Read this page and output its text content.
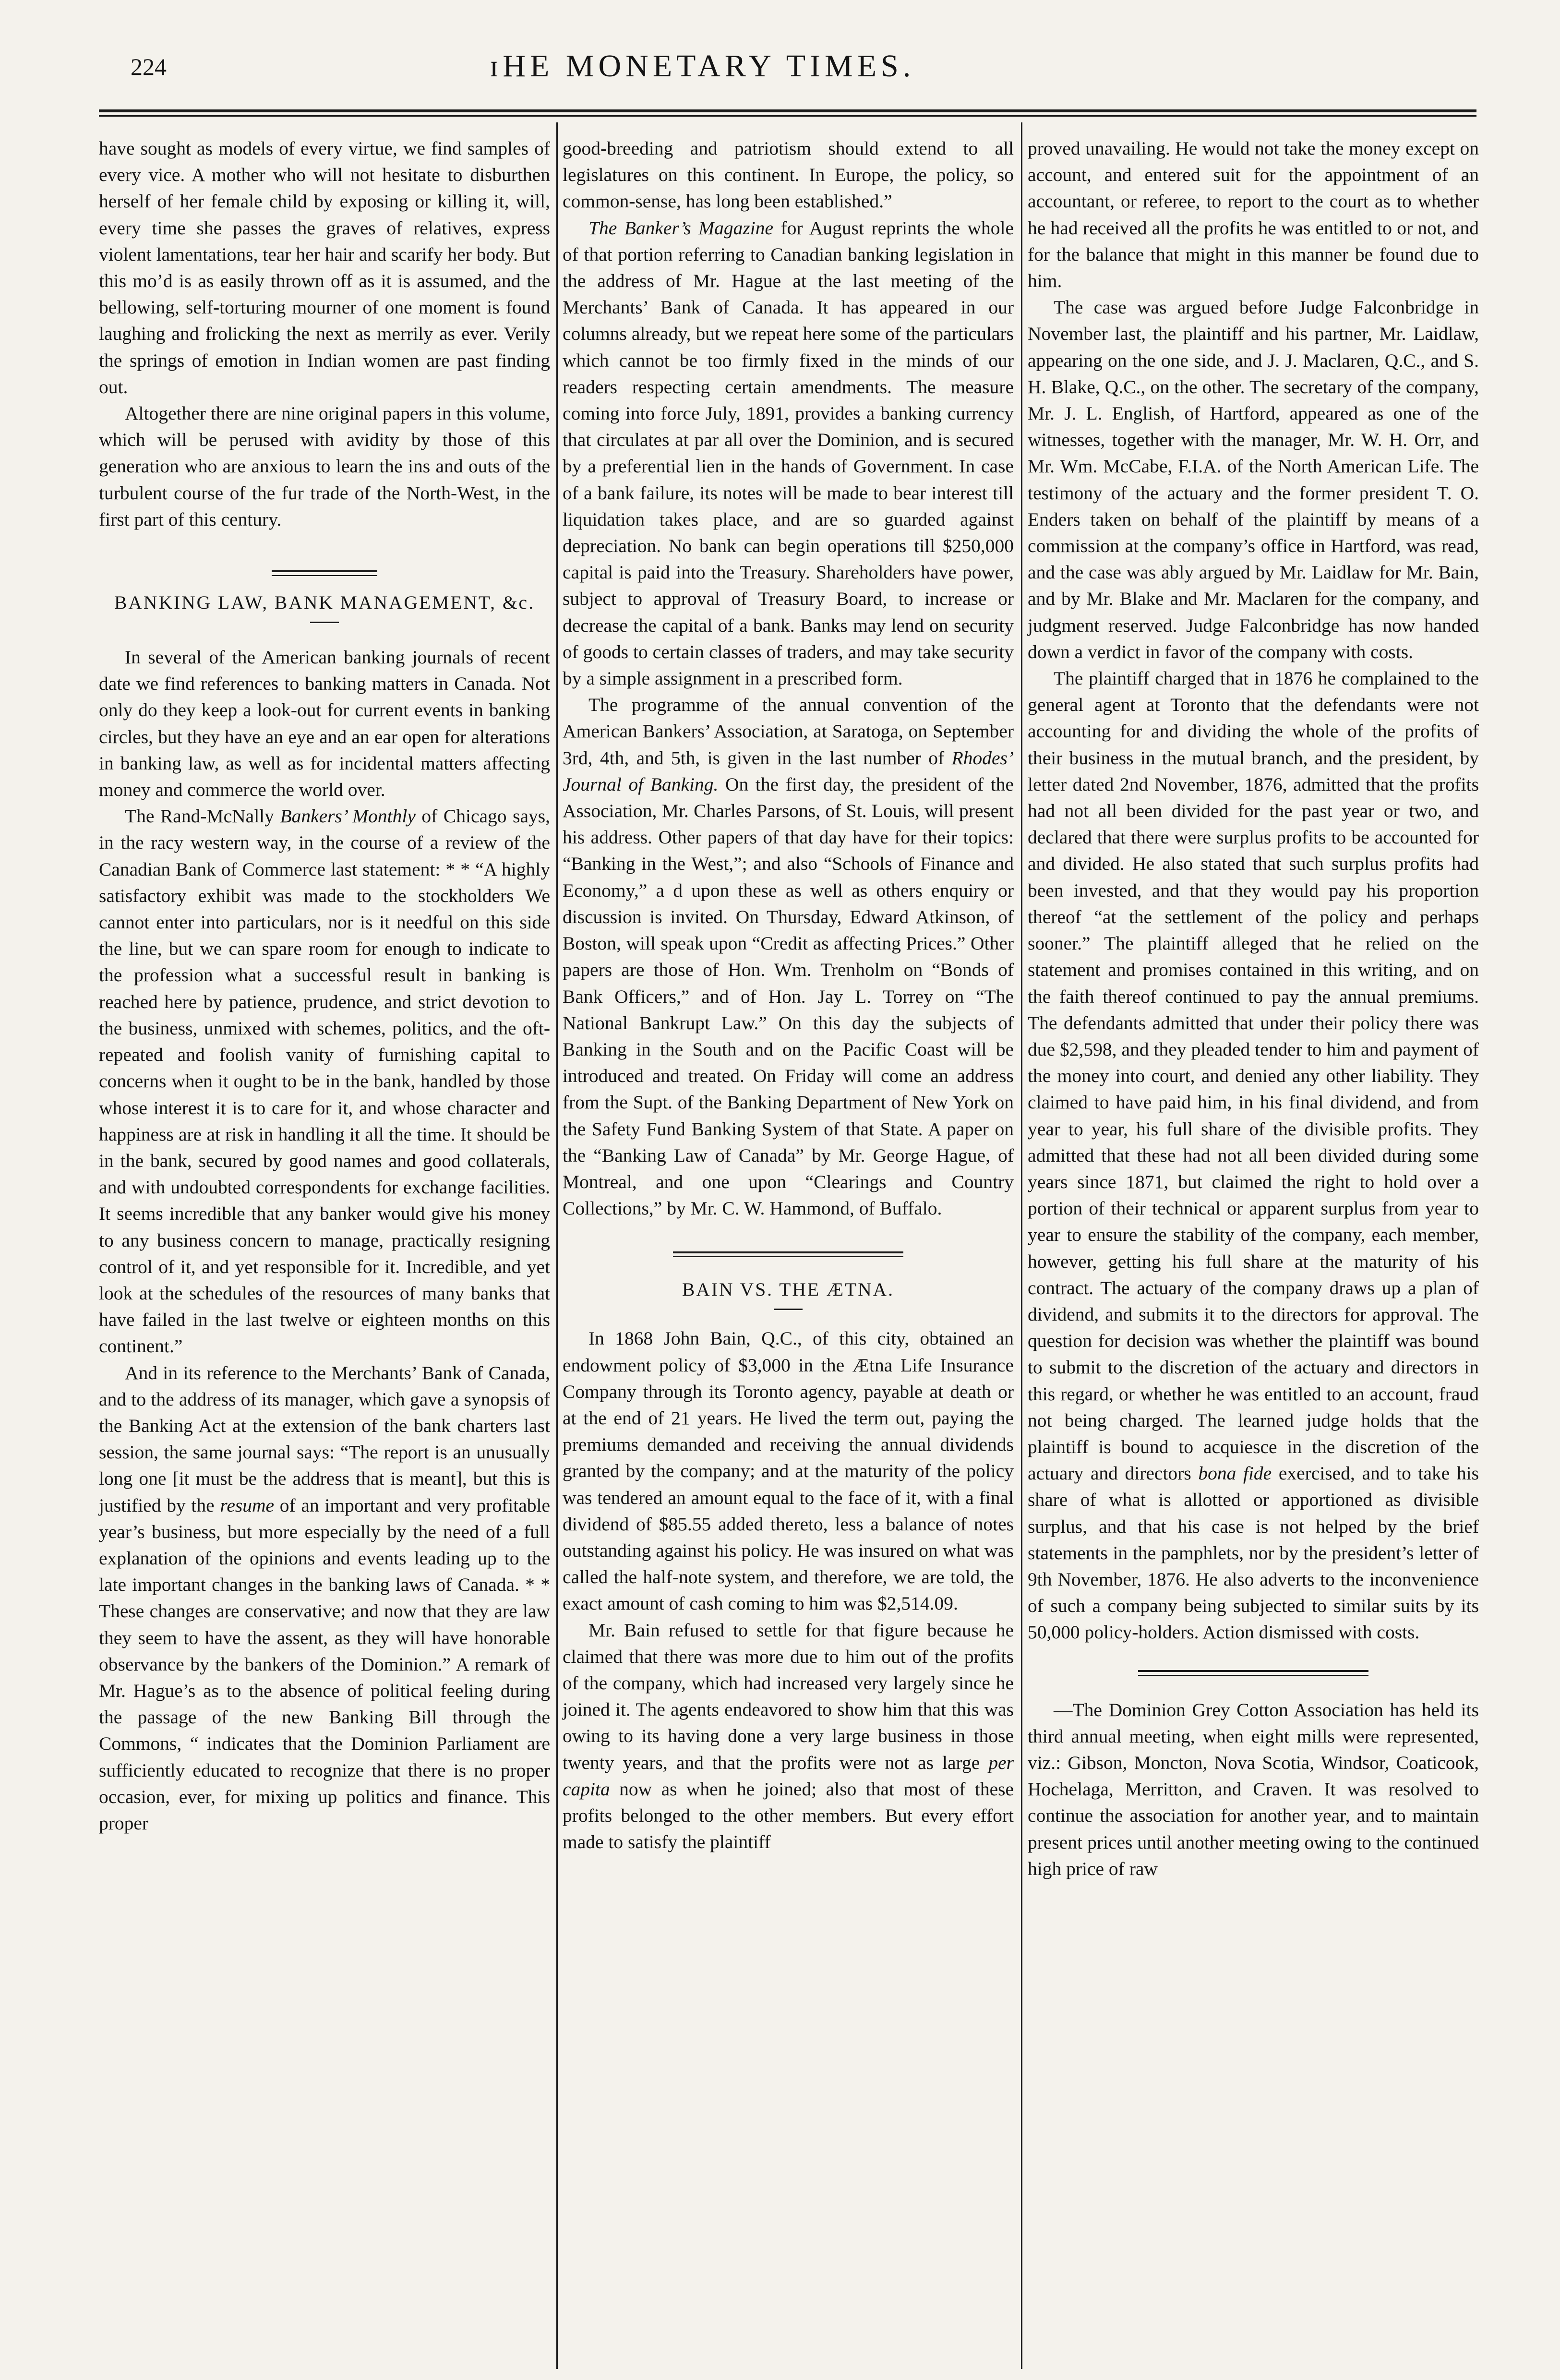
224	ɪHE MONETARY TIMES.

have sought as models of every virtue, we find samples of every vice. A mother who will not hesitate to disburthen herself of her female child by exposing or killing it, will, every time she passes the graves of relatives, express violent lamentations, tear her hair and scarify her body. But this mo’d is as easily thrown off as it is assumed, and the bellowing, self-torturing mourner of one moment is found laughing and frolicking the next as merrily as ever. Verily the springs of emotion in Indian women are past finding out.

Altogether there are nine original papers in this volume, which will be perused with avidity by those of this generation who are anxious to learn the ins and outs of the turbulent course of the fur trade of the North-West, in the first part of this century.

BANKING LAW, BANK MANAGEMENT, &c.

In several of the American banking journals of recent date we find references to banking matters in Canada. Not only do they keep a look-out for current events in banking circles, but they have an eye and an ear open for alterations in banking law, as well as for incidental matters affecting money and commerce the world over.

The Rand-McNally Bankers’ Monthly of Chicago says, in the racy western way, in the course of a review of the Canadian Bank of Commerce last statement: * * “A highly satisfactory exhibit was made to the stockholders We cannot enter into particulars, nor is it needful on this side the line, but we can spare room for enough to indicate to the profession what a successful result in banking is reached here by patience, prudence, and strict devotion to the business, unmixed with schemes, politics, and the oft-repeated and foolish vanity of furnishing capital to concerns when it ought to be in the bank, handled by those whose interest it is to care for it, and whose character and happiness are at risk in handling it all the time. It should be in the bank, secured by good names and good collaterals, and with undoubted correspondents for exchange facilities. It seems incredible that any banker would give his money to any business concern to manage, practically resigning control of it, and yet responsible for it. Incredible, and yet look at the schedules of the resources of many banks that have failed in the last twelve or eighteen months on this continent.”

And in its reference to the Merchants’ Bank of Canada, and to the address of its manager, which gave a synopsis of the Banking Act at the extension of the bank charters last session, the same journal says: “The report is an unusually long one [it must be the address that is meant], but this is justified by the resume of an important and very profitable year’s business, but more especially by the need of a full explanation of the opinions and events leading up to the late important changes in the banking laws of Canada. * * These changes are conservative; and now that they are law they seem to have the assent, as they will have honorable observance by the bankers of the Dominion.” A remark of Mr. Hague’s as to the absence of political feeling during the passage of the new Banking Bill through the Commons, “ indicates that the Dominion Parliament are sufficiently educated to recognize that there is no proper occasion, ever, for mixing up politics and finance. This proper

good-breeding and patriotism should extend to all legislatures on this continent. In Europe, the policy, so common-sense, has long been established.”

The Banker’s Magazine for August reprints the whole of that portion referring to Canadian banking legislation in the address of Mr. Hague at the last meeting of the Merchants’ Bank of Canada. It has appeared in our columns already, but we repeat here some of the particulars which cannot be too firmly fixed in the minds of our readers respecting certain amendments. The measure coming into force July, 1891, provides a banking currency that circulates at par all over the Dominion, and is secured by a preferential lien in the hands of Government. In case of a bank failure, its notes will be made to bear interest till liquidation takes place, and are so guarded against depreciation. No bank can begin operations till $250,000 capital is paid into the Treasury. Shareholders have power, subject to approval of Treasury Board, to increase or decrease the capital of a bank. Banks may lend on security of goods to certain classes of traders, and may take security by a simple assignment in a prescribed form.

The programme of the annual convention of the American Bankers’ Association, at Saratoga, on September 3rd, 4th, and 5th, is given in the last number of Rhodes’ Journal of Banking. On the first day, the president of the Association, Mr. Charles Parsons, of St. Louis, will present his address. Other papers of that day have for their topics: “Banking in the West,”; and also “Schools of Finance and Economy,” a d upon these as well as others enquiry or discussion is invited. On Thursday, Edward Atkinson, of Boston, will speak upon “Credit as affecting Prices.” Other papers are those of Hon. Wm. Trenholm on “Bonds of Bank Officers,” and of Hon. Jay L. Torrey on “The National Bankrupt Law.” On this day the subjects of Banking in the South and on the Pacific Coast will be introduced and treated. On Friday will come an address from the Supt. of the Banking Department of New York on the Safety Fund Banking System of that State. A paper on the “Banking Law of Canada” by Mr. George Hague, of Montreal, and one upon “Clearings and Country Collections,” by Mr. C. W. Hammond, of Buffalo.

BAIN VS. THE ÆTNA.

In 1868 John Bain, Q.C., of this city, obtained an endowment policy of $3,000 in the Ætna Life Insurance Company through its Toronto agency, payable at death or at the end of 21 years. He lived the term out, paying the premiums demanded and receiving the annual dividends granted by the company; and at the maturity of the policy was tendered an amount equal to the face of it, with a final dividend of $85.55 added thereto, less a balance of notes outstanding against his policy. He was insured on what was called the half-note system, and therefore, we are told, the exact amount of cash coming to him was $2,514.09.

Mr. Bain refused to settle for that figure because he claimed that there was more due to him out of the profits of the company, which had increased very largely since he joined it. The agents endeavored to show him that this was owing to its having done a very large business in those twenty years, and that the profits were not as large per capita now as when he joined; also that most of these profits belonged to the other members. But every effort made to satisfy the plaintiff

proved unavailing. He would not take the money except on account, and entered suit for the appointment of an accountant, or referee, to report to the court as to whether he had received all the profits he was entitled to or not, and for the balance that might in this manner be found due to him.

The case was argued before Judge Falconbridge in November last, the plaintiff and his partner, Mr. Laidlaw, appearing on the one side, and J. J. Maclaren, Q.C., and S. H. Blake, Q.C., on the other. The secretary of the company, Mr. J. L. English, of Hartford, appeared as one of the witnesses, together with the manager, Mr. W. H. Orr, and Mr. Wm. McCabe, F.I.A. of the North American Life. The testimony of the actuary and the former president T. O. Enders taken on behalf of the plaintiff by means of a commission at the company’s office in Hartford, was read, and the case was ably argued by Mr. Laidlaw for Mr. Bain, and by Mr. Blake and Mr. Maclaren for the company, and judgment reserved. Judge Falconbridge has now handed down a verdict in favor of the company with costs.

The plaintiff charged that in 1876 he complained to the general agent at Toronto that the defendants were not accounting for and dividing the whole of the profits of their business in the mutual branch, and the president, by letter dated 2nd November, 1876, admitted that the profits had not all been divided for the past year or two, and declared that there were surplus profits to be accounted for and divided. He also stated that such surplus profits had been invested, and that they would pay his proportion thereof “at the settlement of the policy and perhaps sooner.” The plaintiff alleged that he relied on the statement and promises contained in this writing, and on the faith thereof continued to pay the annual premiums. The defendants admitted that under their policy there was due $2,598, and they pleaded tender to him and payment of the money into court, and denied any other liability. They claimed to have paid him, in his final dividend, and from year to year, his full share of the divisible profits. They admitted that these had not all been divided during some years since 1871, but claimed the right to hold over a portion of their technical or apparent surplus from year to year to ensure the stability of the company, each member, however, getting his full share at the maturity of his contract. The actuary of the company draws up a plan of dividend, and submits it to the directors for approval. The question for decision was whether the plaintiff was bound to submit to the discretion of the actuary and directors in this regard, or whether he was entitled to an account, fraud not being charged. The learned judge holds that the plaintiff is bound to acquiesce in the discretion of the actuary and directors bona fide exercised, and to take his share of what is allotted or apportioned as divisible surplus, and that his case is not helped by the brief statements in the pamphlets, nor by the president’s letter of 9th November, 1876. He also adverts to the inconvenience of such a company being subjected to similar suits by its 50,000 policy-holders. Action dismissed with costs.

—The Dominion Grey Cotton Association has held its third annual meeting, when eight mills were represented, viz.: Gibson, Moncton, Nova Scotia, Windsor, Coaticook, Hochelaga, Merritton, and Craven. It was resolved to continue the association for another year, and to maintain present prices until another meeting owing to the continued high price of raw
